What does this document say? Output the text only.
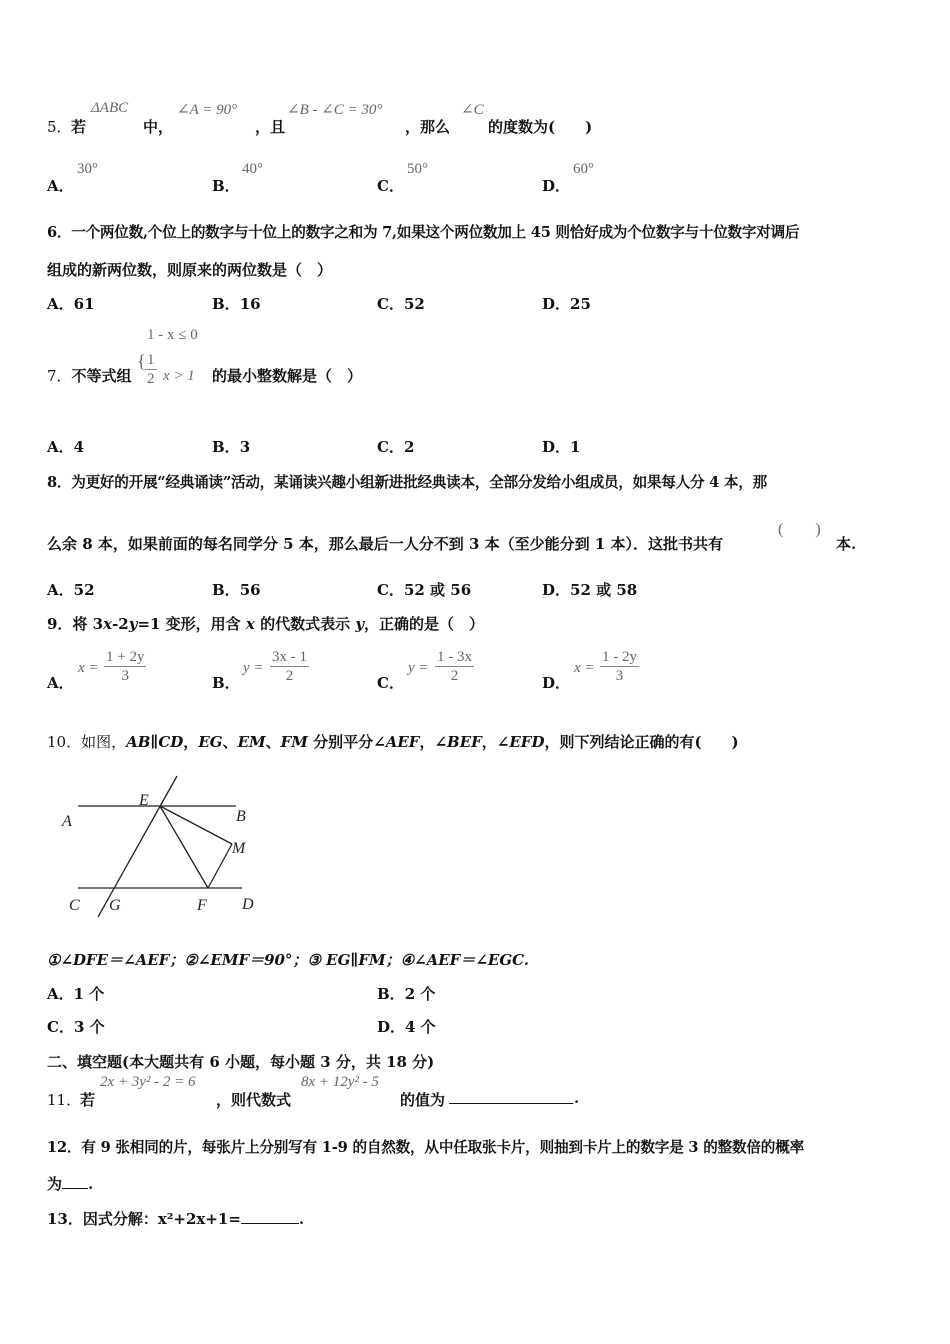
5． 若
ΔABC
中，
∠A = 90°
，且
∠B - ∠C = 30°
，那么
∠C
的度数为(　　)
A．
30°
B．
40°
C．
50°
D．
60°
6．一个两位数,个位上的数字与十位上的数字之和为 7,如果这个两位数加上 45 则恰好成为个位数字与十位数字对调后
组成的新两位数，则原来的两位数是（　）
A．61	B．16	C．52	D．25
7．不等式组
1 - x ≤ 0
{ $\frac{1}{2}$ x > 1 的最小整数解是（　）
A．4	B．3	C．2	D．1
8．为更好的开展“经典诵读”活动，某诵读兴趣小组新进批经典读本，全部分发给小组成员，如果每人分 4 本，那
么余 8 本，如果前面的每名同学分 5 本，那么最后一人分不到 3 本（至少能分到 1 本）．这批书共有
(　　)
本.
A．52	B．56	C．52 或 56	D．52 或 58
9．将 3x-2y=1 变形，用含 x 的代数式表示 y，正确的是（　）
A．
$x = \frac{1 + 2y}{3}$	B．
$y = \frac{3x - 1}{2}$	C．
$y = \frac{1 - 3x}{2}$	D．
$x = \frac{1 - 2y}{3}$
10．如图，AB∥CD，EG、EM、FM 分别平分∠AEF，∠BEF，∠EFD，则下列结论正确的有(　　)
A	B
E
M
C G	F D
①∠DFE＝∠AEF；②∠EMF＝90°；③ EG∥FM；④∠AEF＝∠EGC.
A．1 个	B．2 个
C．3 个	D．4 个
二、填空题(本大题共有 6 小题，每小题 3 分，共 18 分)
11．
若
2x + 3y² - 2 = 6
，则代数式
8x + 12y² - 5
的值为	.
12．有 9 张相同的片，每张片上分别写有 1-9 的自然数，从中任取张卡片，则抽到卡片上的数字是 3 的整数倍的概率
为 .
13．因式分解：x²+2x+1=	.
